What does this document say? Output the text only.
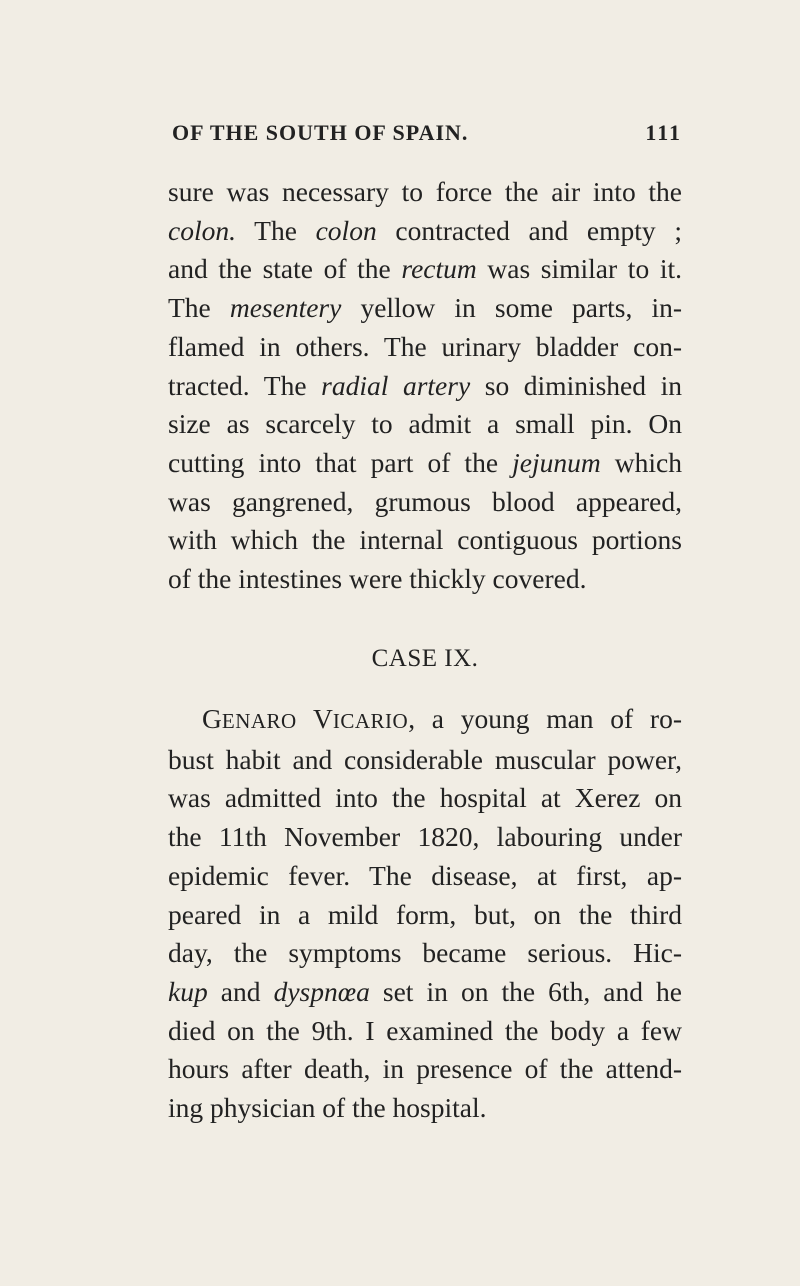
OF THE SOUTH OF SPAIN.	111
sure was necessary to force the air into the
colon. The colon contracted and empty ;
and the state of the rectum was similar to it.
The mesentery yellow in some parts, in-
flamed in others. The urinary bladder con-
tracted. The radial artery so diminished in
size as scarcely to admit a small pin. On
cutting into that part of the jejunum which
was gangrened, grumous blood appeared,
with which the internal contiguous portions
of the intestines were thickly covered.
CASE IX.
GENARO VICARIO, a young man of ro-
bust habit and considerable muscular power,
was admitted into the hospital at Xerez on
the 11th November 1820, labouring under
epidemic fever. The disease, at first, ap-
peared in a mild form, but, on the third
day, the symptoms became serious. Hic-
kup and dyspnœa set in on the 6th, and he
died on the 9th. I examined the body a few
hours after death, in presence of the attend-
ing physician of the hospital.
